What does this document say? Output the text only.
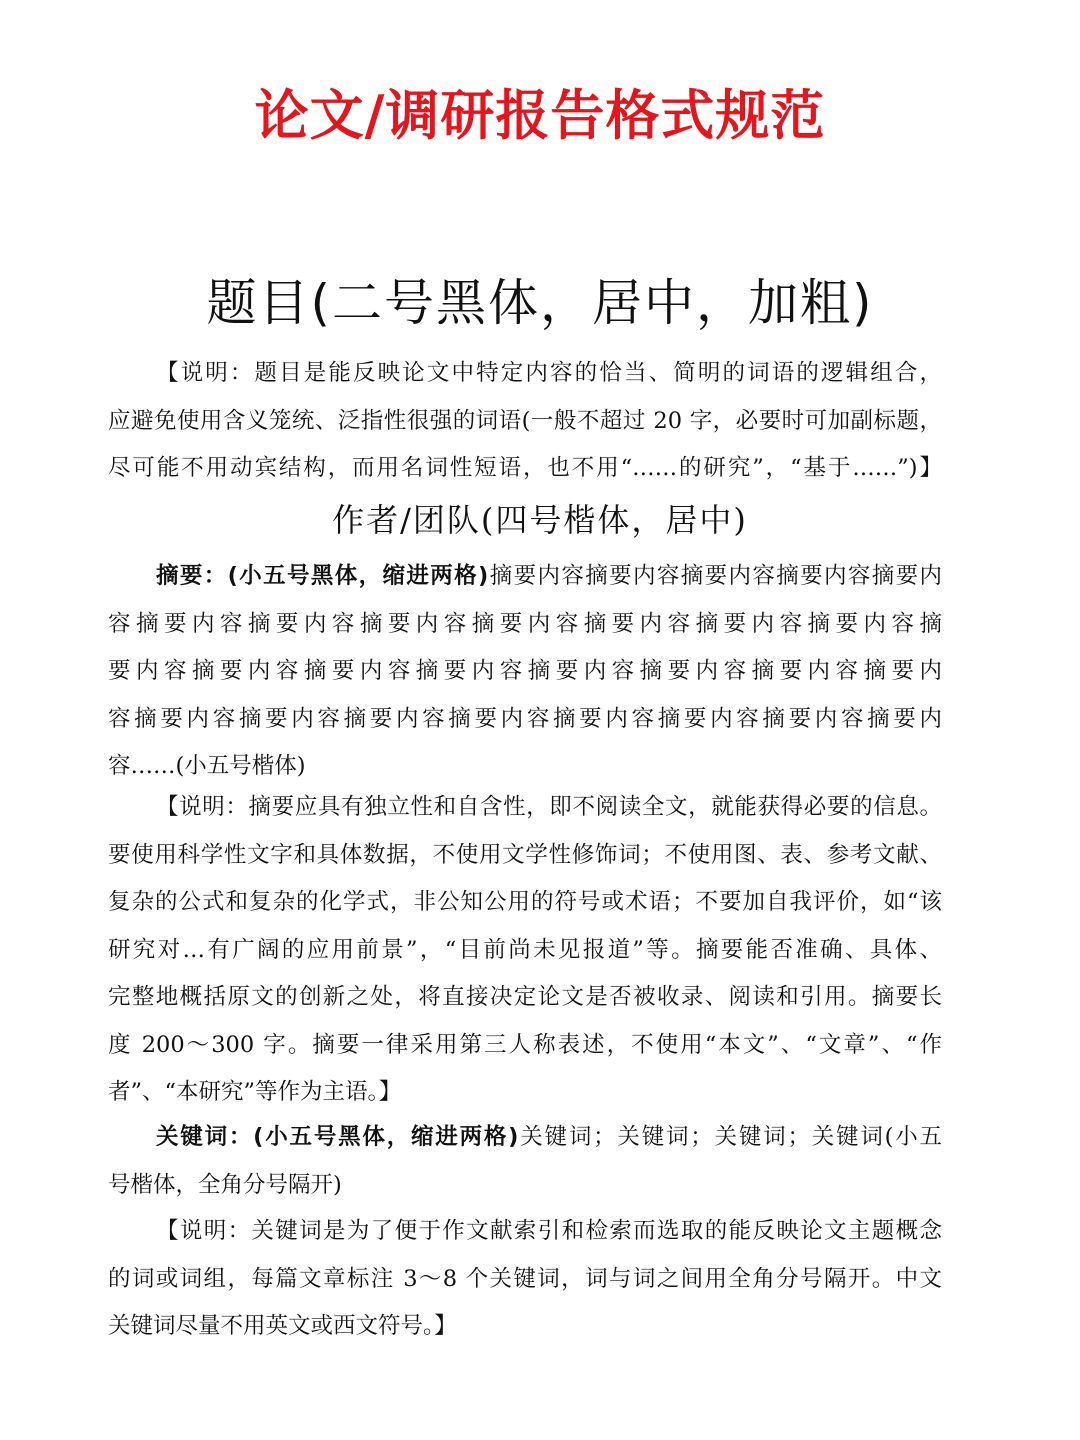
论文/调研报告格式规范
题目(二号黑体，居中，加粗)
【说明：题目是能反映论文中特定内容的恰当、简明的词语的逻辑组合，
应避免使用含义笼统、泛指性很强的词语(一般不超过 20 字，必要时可加副标题，
尽可能不用动宾结构，而用名词性短语，也不用“……的研究”，“基于……”)】
作者/团队(四号楷体，居中)
摘要：(小五号黑体，缩进两格)摘要内容摘要内容摘要内容摘要内容摘要内
容摘要内容摘要内容摘要内容摘要内容摘要内容摘要内容摘要内容摘
要内容摘要内容摘要内容摘要内容摘要内容摘要内容摘要内容摘要内
容摘要内容摘要内容摘要内容摘要内容摘要内容摘要内容摘要内容摘要内
容……(小五号楷体)
【说明：摘要应具有独立性和自含性，即不阅读全文，就能获得必要的信息。
要使用科学性文字和具体数据，不使用文学性修饰词；不使用图、表、参考文献、
复杂的公式和复杂的化学式，非公知公用的符号或术语；不要加自我评价，如“该
研究对…有广阔的应用前景”，“目前尚未见报道”等。摘要能否准确、具体、
完整地概括原文的创新之处，将直接决定论文是否被收录、阅读和引用。摘要长
度 200～300 字。摘要一律采用第三人称表述，不使用“本文”、“文章”、“作
者”、“本研究”等作为主语。】
关键词：(小五号黑体，缩进两格)关键词；关键词；关键词；关键词(小五
号楷体，全角分号隔开)
【说明：关键词是为了便于作文献索引和检索而选取的能反映论文主题概念
的词或词组，每篇文章标注 3～8 个关键词，词与词之间用全角分号隔开。中文
关键词尽量不用英文或西文符号。】
